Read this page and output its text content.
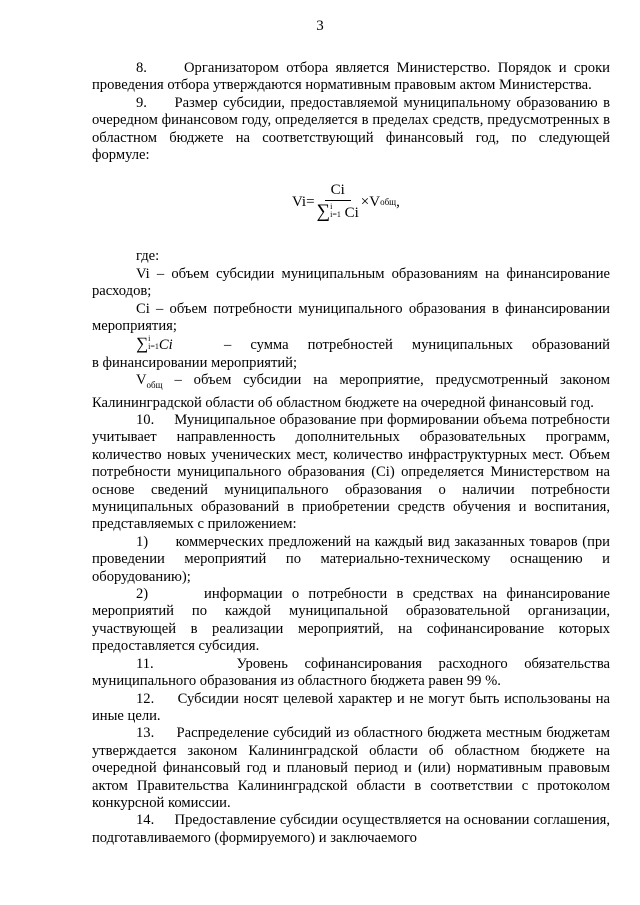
3

8.     Организатором отбора является Министерство. Порядок и сроки проведения отбора утверждаются нормативным правовым актом Министерства.

9.     Размер субсидии, предоставляемой муниципальному образованию в очередном финансовом году, определяется в пределах средств, предусмотренных в областном бюджете на соответствующий финансовый год, по следующей формуле:

Vi= Ci
∑ i
i=1 Ci ×V общ ,

где:

Vi – объем субсидии муниципальным образованиям на финансирование расходов;

Ci – объем потребности муниципального образования в финансировании мероприятия;

∑ i
i=1 Ci	– сумма потребностей муниципальных образований

в финансировании мероприятий;

$V_{общ}$ – объем субсидии на мероприятие, предусмотренный законом Калининградской области об областном бюджете на очередной финансовый год.

10.     Муниципальное образование при формировании объема потребности учитывает направленность дополнительных образовательных программ, количество новых ученических мест, количество инфраструктурных мест. Объем потребности муниципального образования (Ci) определяется Министерством на основе сведений муниципального образования о наличии потребности муниципальных образований в приобретении средств обучения и воспитания, представляемых с приложением:

1)      коммерческих предложений на каждый вид заказанных товаров (при проведении мероприятий по материально-техническому оснащению и оборудованию);

2)      информации о потребности в средствах на финансирование мероприятий по каждой муниципальной образовательной организации, участвующей в реализации мероприятий, на софинансирование которых предоставляется субсидия.

11.     Уровень софинансирования расходного обязательства муниципального образования из областного бюджета равен 99 %.

12.     Субсидии носят целевой характер и не могут быть использованы на иные цели.

13.     Распределение субсидий из областного бюджета местным бюджетам утверждается законом Калининградской области об областном бюджете на очередной финансовый год и плановый период и (или) нормативным правовым актом Правительства Калининградской области в соответствии с протоколом конкурсной комиссии.

14.     Предоставление субсидии осуществляется на основании соглашения, подготавливаемого (формируемого) и заключаемого
